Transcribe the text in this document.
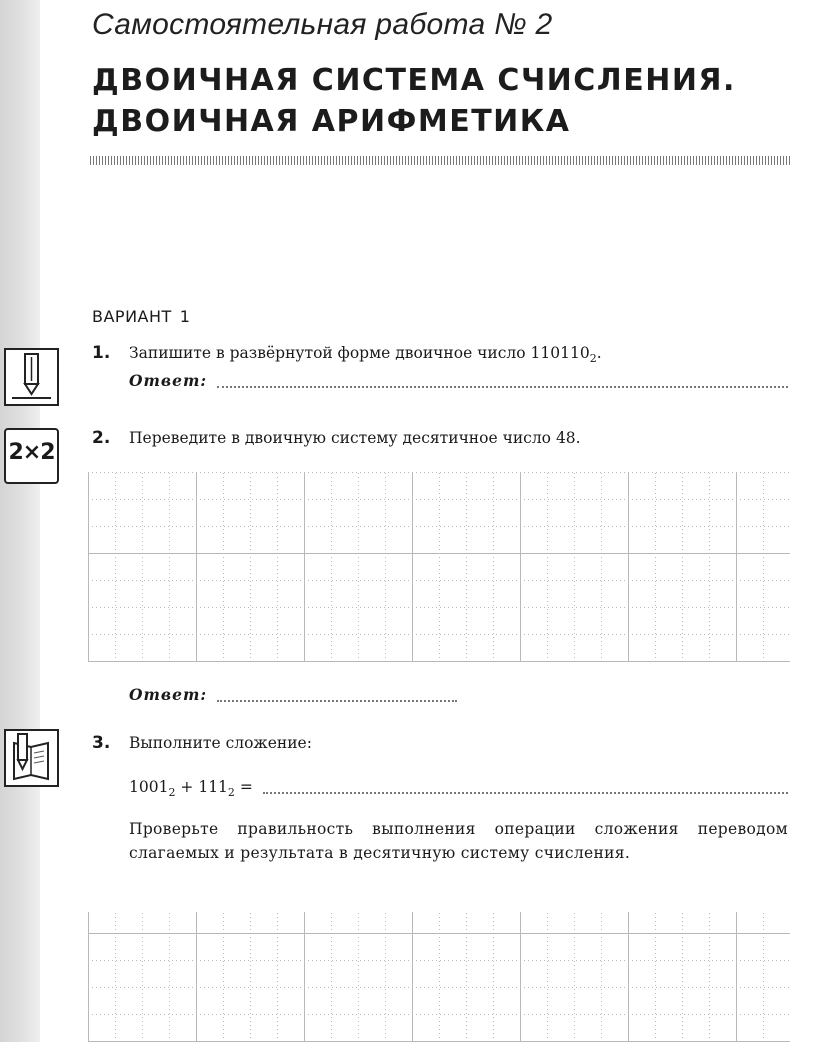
Самостоятельная работа № 2
ДВОИЧНАЯ СИСТЕМА СЧИСЛЕНИЯ.
ДВОИЧНАЯ АРИФМЕТИКА
ВАРИАНТ 1
2×2
1. Запишите в развёрнутой форме двоичное число $110110_2$.
Ответ:
2. Переведите в двоичную систему десятичное число 48.
Ответ:
3. Выполните сложение:
$1001_2 + 111_2$ =
Проверьте правильность выполнения операции сложения переводом слагаемых и результата в десятичную систему счисления.
